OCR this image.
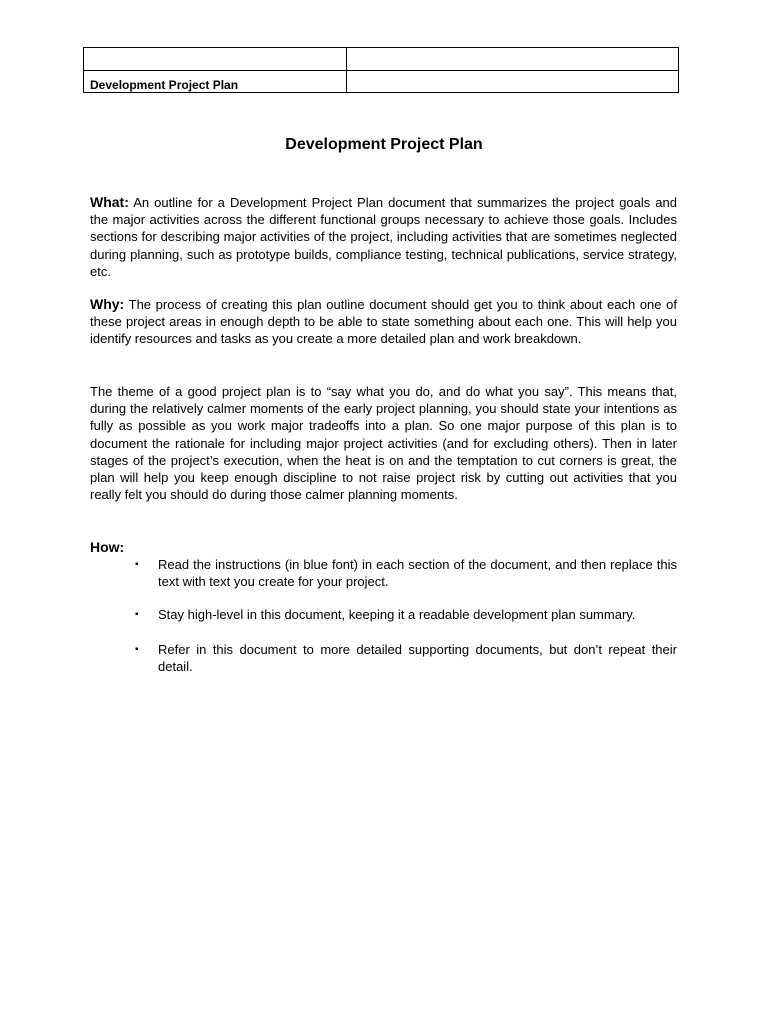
Development Project Plan	
Development Project Plan

What: An outline for a Development Project Plan document that summarizes the project goals and the major activities across the different functional groups necessary to achieve those goals. Includes sections for describing major activities of the project, including activities that are sometimes neglected during planning, such as prototype builds, compliance testing, technical publications, service strategy, etc.

Why: The process of creating this plan outline document should get you to think about each one of these project areas in enough depth to be able to state something about each one. This will help you identify resources and tasks as you create a more detailed plan and work breakdown.

The theme of a good project plan is to “say what you do, and do what you say”. This means that, during the relatively calmer moments of the early project planning, you should state your intentions as fully as possible as you work major tradeoffs into a plan. So one major purpose of this plan is to document the rationale for including major project activities (and for excluding others). Then in later stages of the project’s execution, when the heat is on and the temptation to cut corners is great, the plan will help you keep enough discipline to not raise project risk by cutting out activities that you really felt you should do during those calmer planning moments.

How:
▪ Read the instructions (in blue font) in each section of the document, and then replace this text with text you create for your project.
▪ Stay high-level in this document, keeping it a readable development plan summary.
▪ Refer in this document to more detailed supporting documents, but don’t repeat their detail.
